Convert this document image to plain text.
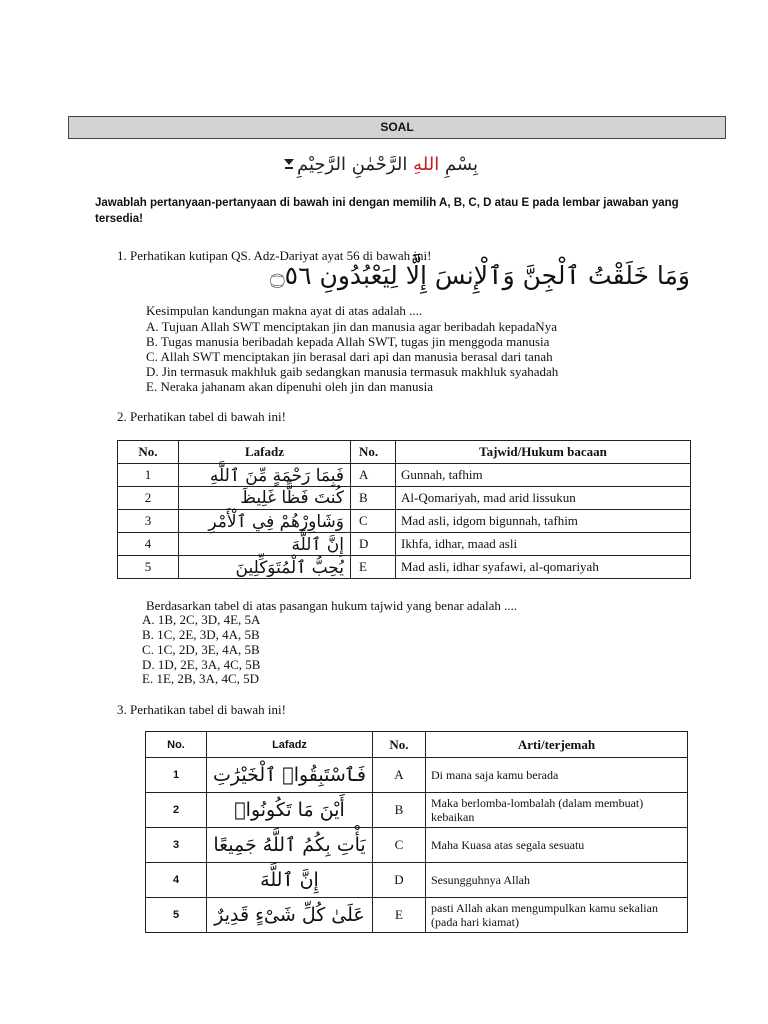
SOAL
بِسْمِ اللهِ الرَّحْمٰنِ الرَّحِيْمِ
Jawablah pertanyaan-pertanyaan di bawah ini dengan memilih A, B, C, D atau E pada lembar jawaban yang tersedia!
1. Perhatikan kutipan QS. Adz-Dariyat ayat 56 di bawah ini!
وَمَا خَلَقْتُ ٱلْجِنَّ وَٱلْإِنسَ إِلَّا لِيَعْبُدُونِ ۝٥٦
Kesimpulan kandungan makna ayat di atas adalah ....
A. Tujuan Allah SWT menciptakan jin dan manusia agar beribadah kepadaNya
B. Tugas manusia beribadah kepada Allah SWT, tugas jin menggoda manusia
C. Allah SWT menciptakan jin berasal dari api dan manusia berasal dari tanah
D. Jin termasuk makhluk gaib sedangkan manusia termasuk makhluk syahadah
E. Neraka jahanam akan dipenuhi oleh jin dan manusia
2. Perhatikan tabel di bawah ini!
No.	Lafadz	No.	Tajwid/Hukum bacaan
1	فَبِمَا رَحْمَةٍ مِّنَ ٱللَّهِ	A	Gunnah, tafhim
2	كُنتَ فَظًّا غَلِيظَ	B	Al-Qomariyah, mad arid lissukun
3	وَشَاوِرْهُمْ فِي ٱلْأَمْرِ	C	Mad asli, idgom bigunnah, tafhim
4	إِنَّ ٱللَّهَ	D	Ikhfa, idhar, maad asli
5	يُحِبُّ ٱلْمُتَوَكِّلِينَ	E	Mad asli, idhar syafawi, al-qomariyah
Berdasarkan tabel di atas pasangan hukum tajwid yang benar adalah ....
A. 1B, 2C, 3D, 4E, 5A
B. 1C, 2E, 3D, 4A, 5B
C. 1C, 2D, 3E, 4A, 5B
D. 1D, 2E, 3A, 4C, 5B
E. 1E, 2B, 3A, 4C, 5D
3. Perhatikan tabel di bawah ini!
No.	Lafadz	No.	Arti/terjemah
1	فَٱسْتَبِقُوا۟ ٱلْخَيْرَٰتِ	A	Di mana saja kamu berada
2	أَيْنَ مَا تَكُونُوا۟	B	Maka berlomba-lombalah (dalam membuat) kebaikan
3	يَأْتِ بِكُمُ ٱللَّهُ جَمِيعًا	C	Maha Kuasa atas segala sesuatu
4	إِنَّ ٱللَّهَ	D	Sesungguhnya Allah
5	عَلَىٰ كُلِّ شَىْءٍ قَدِيرٌ	E	pasti Allah akan mengumpulkan kamu sekalian (pada hari kiamat)
